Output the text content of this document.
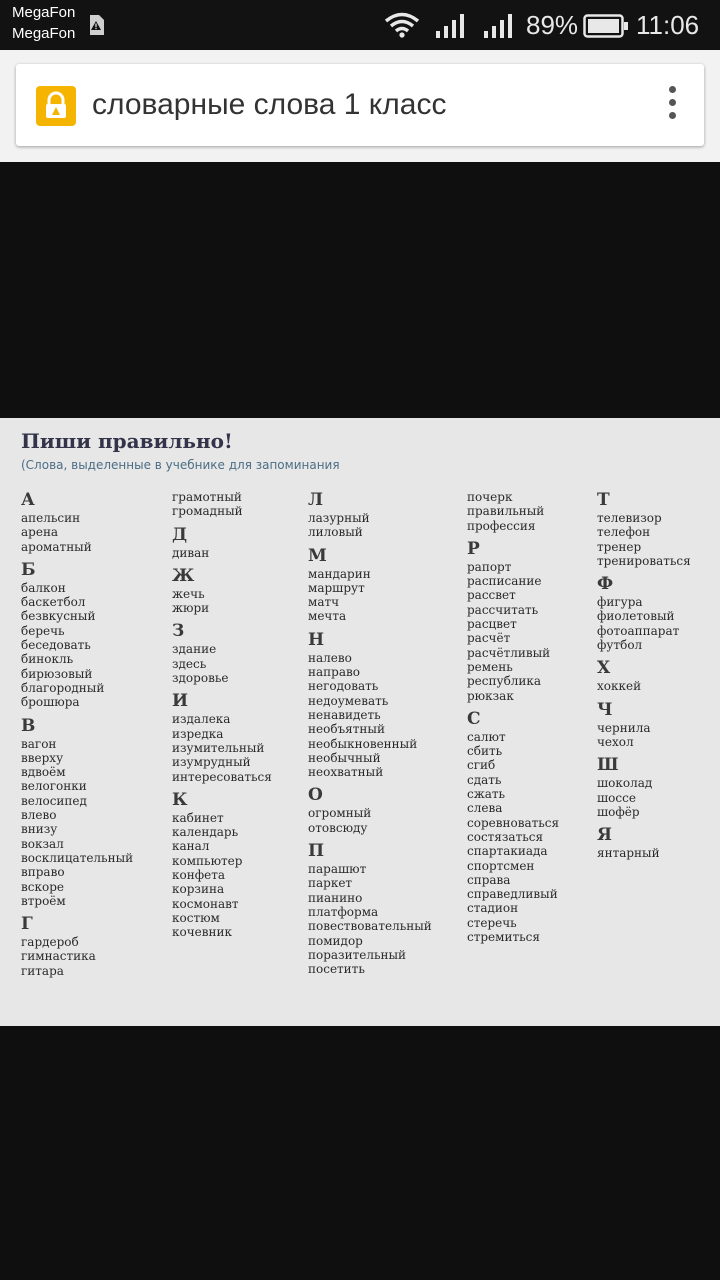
MegaFon
MegaFon	89% 11:06
словарные слова 1 класс
Пиши правильно!
(Слова, выделенные в учебнике для запоминания
А
апельсин
арена
ароматный
Б
балкон
баскетбол
безвкусный
беречь
беседовать
бинокль
бирюзовый
благородный
брошюра
В
вагон
вверху
вдвоём
велогонки
велосипед
влево
внизу
вокзал
восклицательный
вправо
вскоре
втроём
Г
гардероб
гимнастика
гитара
грамотный
громадный
Д
диван
Ж
жечь
жюри
З
здание
здесь
здоровье
И
издалека
изредка
изумительный
изумрудный
интересоваться
К
кабинет
календарь
канал
компьютер
конфета
корзина
космонавт
костюм
кочевник
Л
лазурный
лиловый
М
мандарин
маршрут
матч
мечта
Н
налево
направо
негодовать
недоумевать
ненавидеть
необъятный
необыкновенный
необычный
неохватный
О
огромный
отовсюду
П
парашют
паркет
пианино
платформа
повествовательный
помидор
поразительный
посетить
почерк
правильный
профессия
Р
рапорт
расписание
рассвет
рассчитать
расцвет
расчёт
расчётливый
ремень
республика
рюкзак
С
салют
сбить
сгиб
сдать
сжать
слева
соревноваться
состязаться
спартакиада
спортсмен
справа
справедливый
стадион
стеречь
стремиться
Т
телевизор
телефон
тренер
тренироваться
Ф
фигура
фиолетовый
фотоаппарат
футбол
Х
хоккей
Ч
чернила
чехол
Ш
шоколад
шоссе
шофёр
Я
янтарный
